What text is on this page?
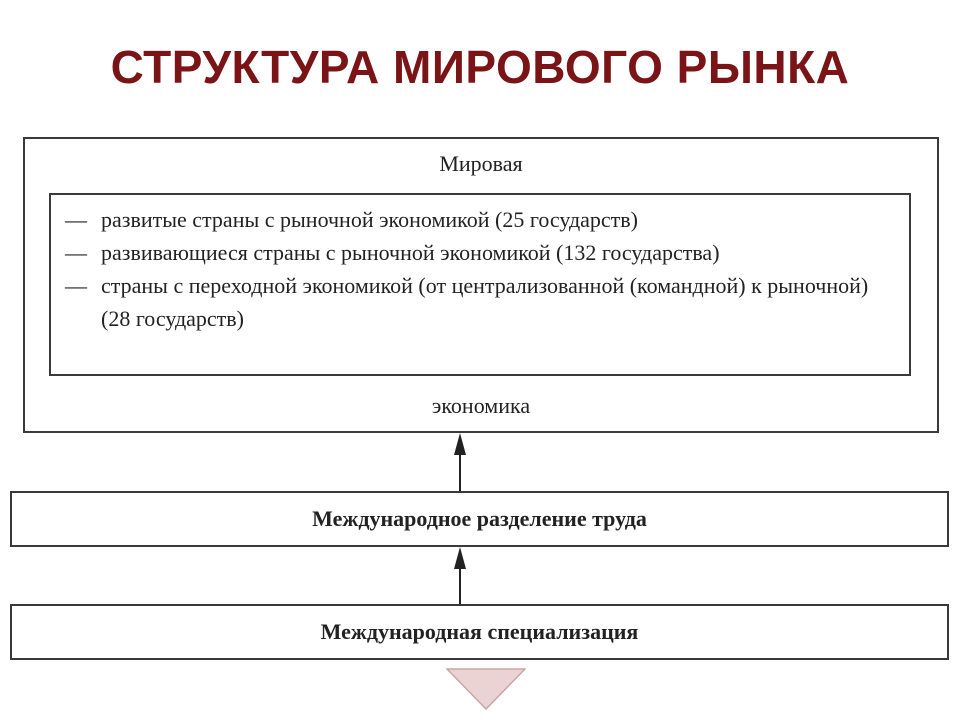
СТРУКТУРА МИРОВОГО РЫНКА
Мировая
— развитые страны с рыночной экономикой (25 государств)
— развивающиеся страны с рыночной экономикой (132 государства)
— страны с переходной экономикой (от централизованной (командной) к рыночной) (28 государств)
экономика
Международное разделение труда
Международная специализация
